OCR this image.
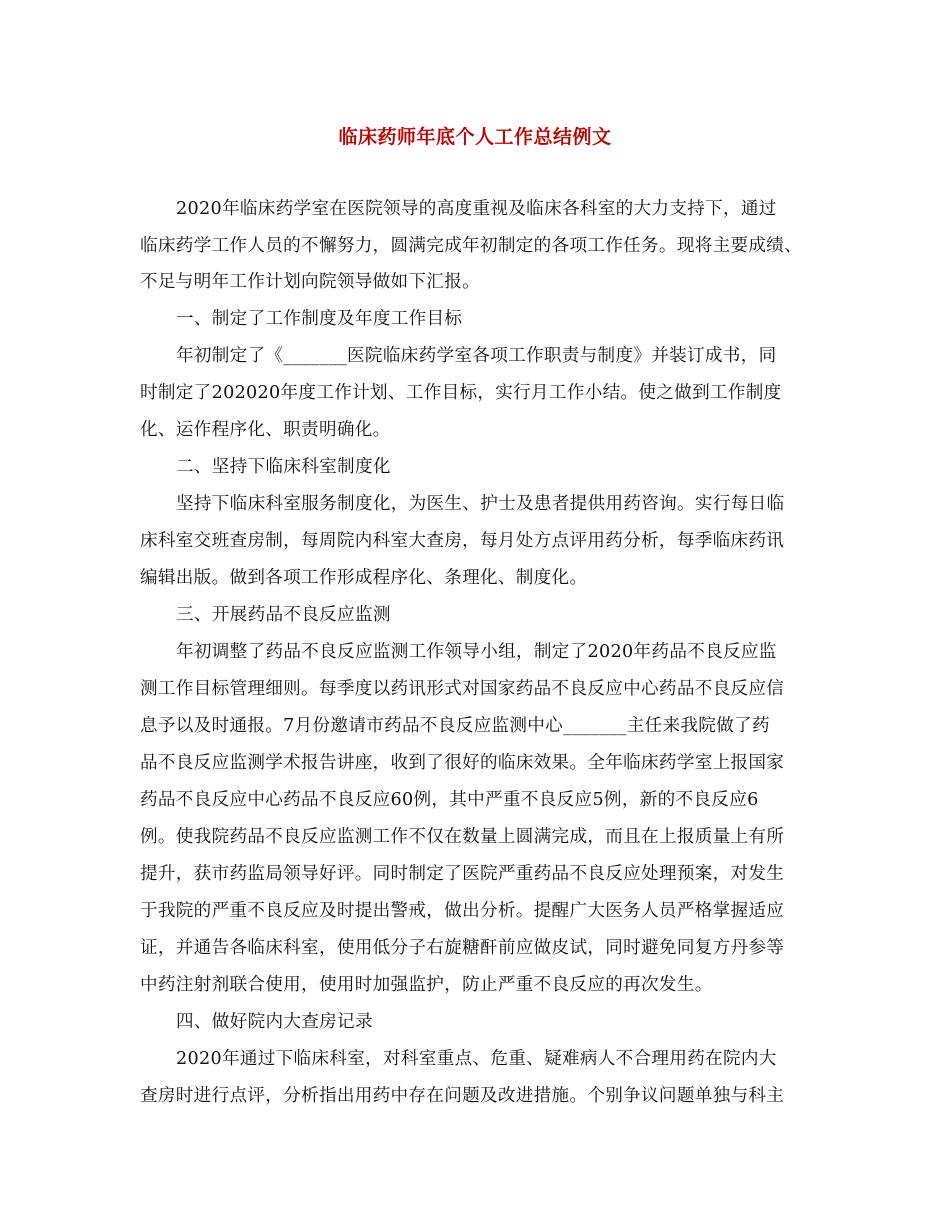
临床药师年底个人工作总结例文
2020年临床药学室在医院领导的高度重视及临床各科室的大力支持下，通过
临床药学工作人员的不懈努力，圆满完成年初制定的各项工作任务。现将主要成绩、
不足与明年工作计划向院领导做如下汇报。
一、制定了工作制度及年度工作目标
年初制定了《_______医院临床药学室各项工作职责与制度》并装订成书，同
时制定了202020年度工作计划、工作目标，实行月工作小结。使之做到工作制度
化、运作程序化、职责明确化。
二、坚持下临床科室制度化
坚持下临床科室服务制度化，为医生、护士及患者提供用药咨询。实行每日临
床科室交班查房制，每周院内科室大查房，每月处方点评用药分析，每季临床药讯
编辑出版。做到各项工作形成程序化、条理化、制度化。
三、开展药品不良反应监测
年初调整了药品不良反应监测工作领导小组，制定了2020年药品不良反应监
测工作目标管理细则。每季度以药讯形式对国家药品不良反应中心药品不良反应信
息予以及时通报。7月份邀请市药品不良反应监测中心_______主任来我院做了药
品不良反应监测学术报告讲座，收到了很好的临床效果。全年临床药学室上报国家
药品不良反应中心药品不良反应60例，其中严重不良反应5例，新的不良反应6
例。使我院药品不良反应监测工作不仅在数量上圆满完成，而且在上报质量上有所
提升，获市药监局领导好评。同时制定了医院严重药品不良反应处理预案，对发生
于我院的严重不良反应及时提出警戒，做出分析。提醒广大医务人员严格掌握适应
证，并通告各临床科室，使用低分子右旋糖酐前应做皮试，同时避免同复方丹参等
中药注射剂联合使用，使用时加强监护，防止严重不良反应的再次发生。
四、做好院内大查房记录
2020年通过下临床科室，对科室重点、危重、疑难病人不合理用药在院内大
查房时进行点评，分析指出用药中存在问题及改进措施。个别争议问题单独与科主
